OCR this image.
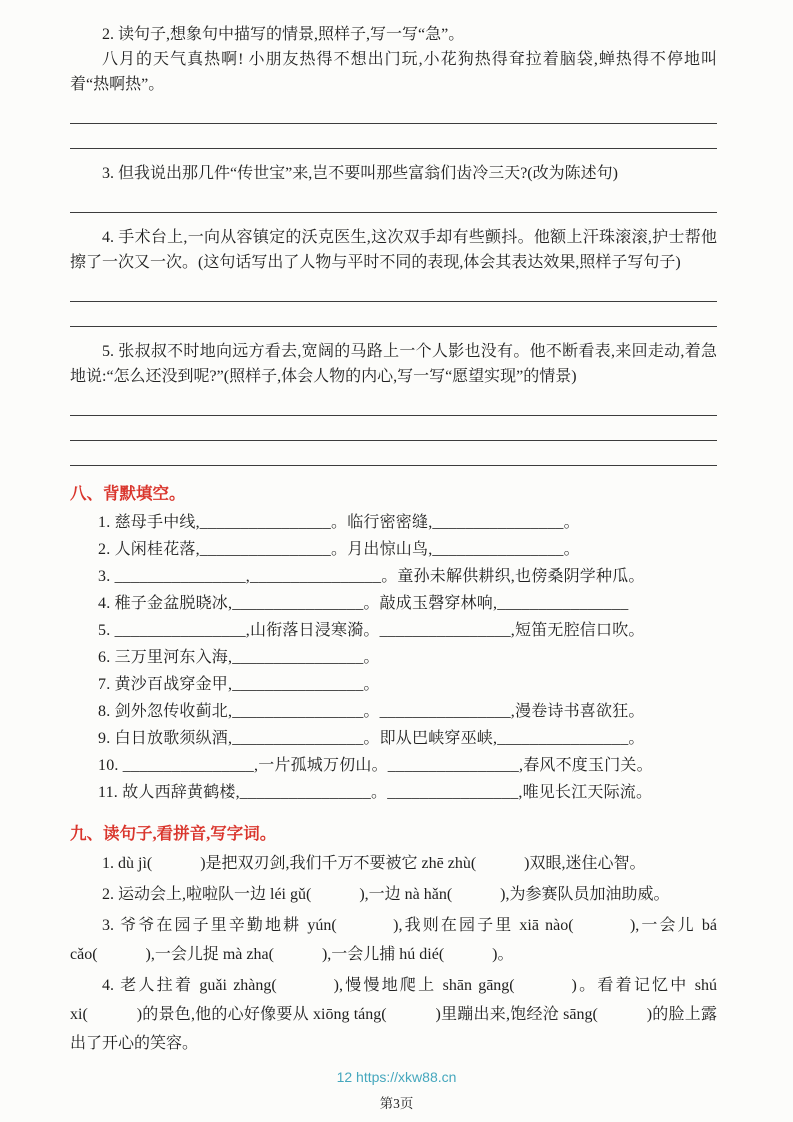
2. 读句子,想象句中描写的情景,照样子,写一写“急”。

八月的天气真热啊! 小朋友热得不想出门玩,小花狗热得耷拉着脑袋,蝉热得不停地叫着“热啊热”。

3. 但我说出那几件“传世宝”来,岂不要叫那些富翁们齿冷三天?(改为陈述句)

4. 手术台上,一向从容镇定的沃克医生,这次双手却有些颤抖。他额上汗珠滚滚,护士帮他擦了一次又一次。(这句话写出了人物与平时不同的表现,体会其表达效果,照样子写句子)

5. 张叔叔不时地向远方看去,宽阔的马路上一个人影也没有。他不断看表,来回走动,着急地说:“怎么还没到呢?”(照样子,体会人物的内心,写一写“愿望实现”的情景)

八、背默填空。
1. 慈母手中线,________________。临行密密缝,________________。
2. 人闲桂花落,________________。月出惊山鸟,________________。
3. ________________,________________。童孙未解供耕织,也傍桑阴学种瓜。
4. 稚子金盆脱晓冰,________________。敲成玉磬穿林响,________________
5. ________________,山衔落日浸寒漪。________________,短笛无腔信口吹。
6. 三万里河东入海,________________。
7. 黄沙百战穿金甲,________________。
8. 剑外忽传收蓟北,________________。________________,漫卷诗书喜欲狂。
9. 白日放歌须纵酒,________________。即从巴峡穿巫峡,________________。
10. ________________,一片孤城万仞山。________________,春风不度玉门关。
11. 故人西辞黄鹤楼,________________。________________,唯见长江天际流。
九、读句子,看拼音,写字词。
1. dù jì(　　　)是把双刃剑,我们千万不要被它 zhē zhù(　　　)双眼,迷住心智。
2. 运动会上,啦啦队一边 léi gǔ(　　　),一边 nà hǎn(　　　),为参赛队员加油助威。
3. 爷爷在园子里辛勤地耕 yún(　　　),我则在园子里 xiā nào(　　　),一会儿 bá cǎo(　　　),一会儿捉 mà zha(　　　),一会儿捕 hú dié(　　　)。
4. 老人拄着 guǎi zhàng(　　　),慢慢地爬上 shān gāng(　　　)。看着记忆中 shú xi(　　　)的景色,他的心好像要从 xiōng táng(　　　)里蹦出来,饱经沧 sāng(　　　)的脸上露出了开心的笑容。
12 https://xkw88.cn
第3页
